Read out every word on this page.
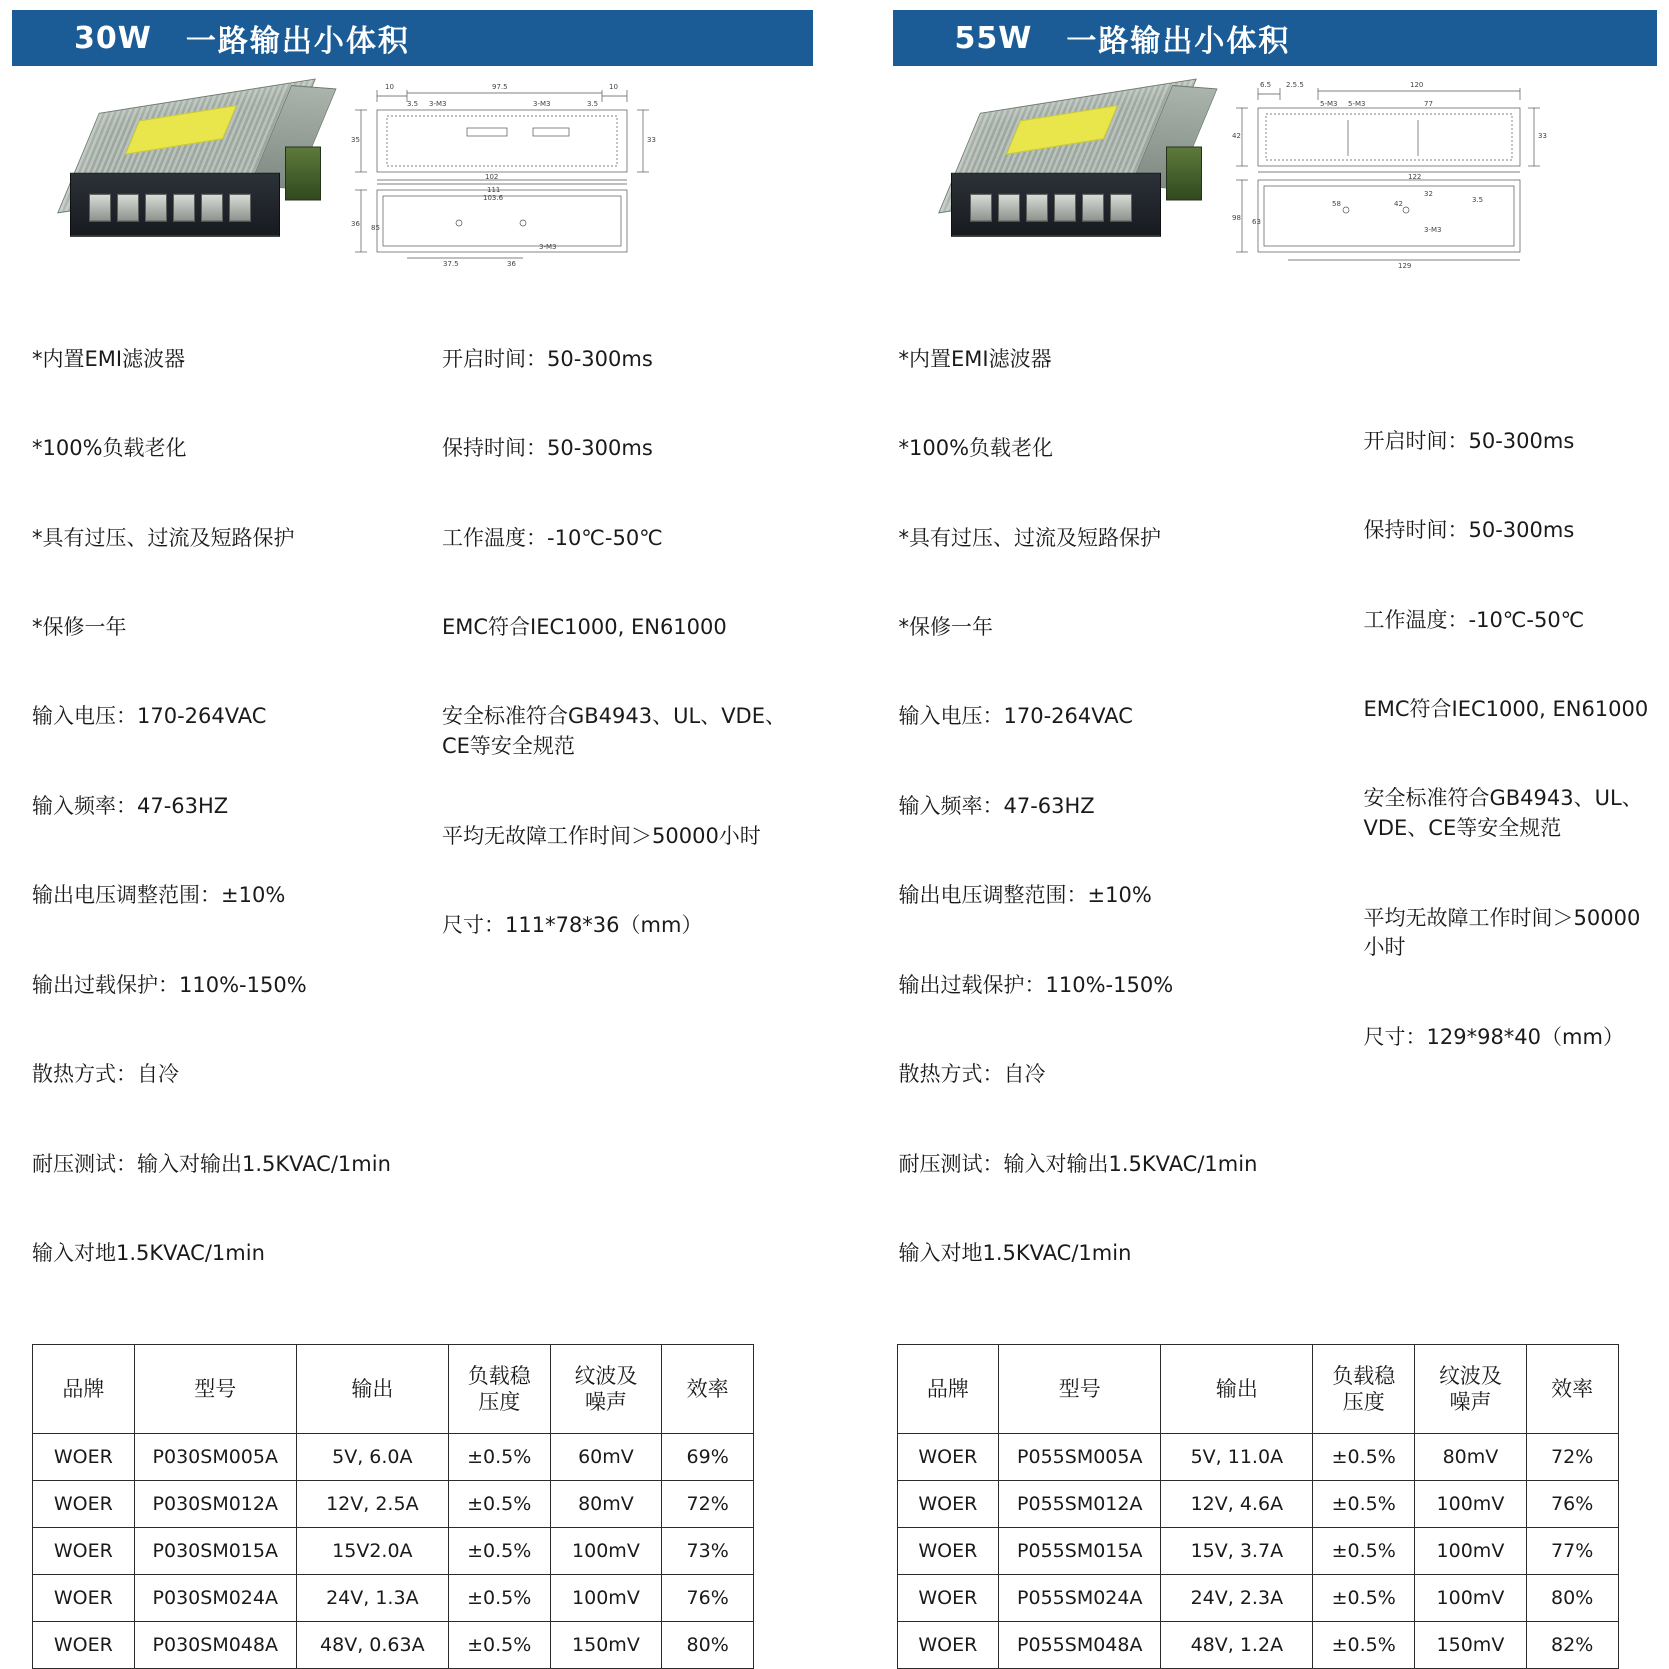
30W 一路输出小体积
10	97.5	10
3.5 3-M3	3-M3
35
36 85
102
111
103.6
37.5	36
3-M3
33
3.5

*内置EMI滤波器

*100%负载老化

*具有过压、过流及短路保护

*保修一年

输入电压：170-264VAC

输入频率：47-63HZ

输出电压调整范围：±10%

输出过载保护：110%-150%

散热方式：自冷

耐压测试：输入对输出1.5KVAC/1min

输入对地1.5KVAC/1min

开启时间：50-300ms

保持时间：50-300ms

工作温度：-10℃-50℃

EMC符合IEC1000, EN61000

安全标准符合GB4943、UL、VDE、CE等安全规范

平均无故障工作时间＞50000小时

尺寸：111*78*36（mm）

品牌	型号	输出	负载稳
压度	纹波及
噪声	效率
WOER	P030SM005A	5V, 6.0A	±0.5%	60mV	69%
WOER	P030SM012A	12V, 2.5A	±0.5%	80mV	72%
WOER	P030SM015A	15V2.0A	±0.5%	100mV	73%
WOER	P030SM024A	24V, 1.3A	±0.5%	100mV	76%
WOER	P030SM048A	48V, 0.63A	±0.5%	150mV	80%
55W 一路输出小体积
6.5 2.5.5	120
42
98 63
77
5-M3
122
58	42
32
3-M3
129
3.5
33
5-M3

*内置EMI滤波器

*100%负载老化

*具有过压、过流及短路保护

*保修一年

输入电压：170-264VAC

输入频率：47-63HZ

输出电压调整范围：±10%

输出过载保护：110%-150%

散热方式：自冷

耐压测试：输入对输出1.5KVAC/1min

输入对地1.5KVAC/1min

开启时间：50-300ms

保持时间：50-300ms

工作温度：-10℃-50℃

EMC符合IEC1000, EN61000

安全标准符合GB4943、UL、VDE、CE等安全规范

平均无故障工作时间＞50000小时

尺寸：129*98*40（mm）

品牌	型号	输出	负载稳
压度	纹波及
噪声	效率
WOER	P055SM005A	5V, 11.0A	±0.5%	80mV	72%
WOER	P055SM012A	12V, 4.6A	±0.5%	100mV	76%
WOER	P055SM015A	15V, 3.7A	±0.5%	100mV	77%
WOER	P055SM024A	24V, 2.3A	±0.5%	100mV	80%
WOER	P055SM048A	48V, 1.2A	±0.5%	150mV	82%
